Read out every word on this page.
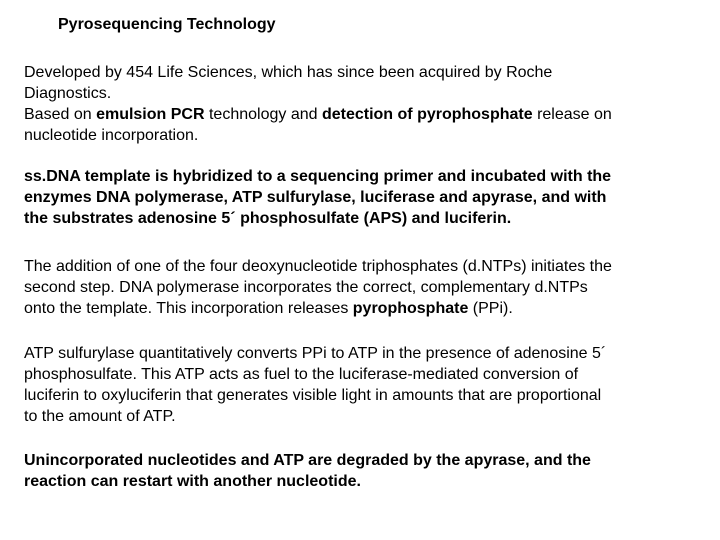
Pyrosequencing Technology
Developed by 454 Life Sciences, which has since been acquired by Roche
Diagnostics.
Based on emulsion PCR technology and detection of pyrophosphate release on
nucleotide incorporation.
ss.DNA template is hybridized to a sequencing primer and incubated with the
enzymes DNA polymerase, ATP sulfurylase, luciferase and apyrase, and with
the substrates adenosine 5´ phosphosulfate (APS) and luciferin.
The addition of one of the four deoxynucleotide triphosphates (d.NTPs) initiates the
second step. DNA polymerase incorporates the correct, complementary d.NTPs
onto the template. This incorporation releases pyrophosphate (PPi).
ATP sulfurylase quantitatively converts PPi to ATP in the presence of adenosine 5´
phosphosulfate. This ATP acts as fuel to the luciferase-mediated conversion of
luciferin to oxyluciferin that generates visible light in amounts that are proportional
to the amount of ATP.
Unincorporated nucleotides and ATP are degraded by the apyrase, and the
reaction can restart with another nucleotide.
